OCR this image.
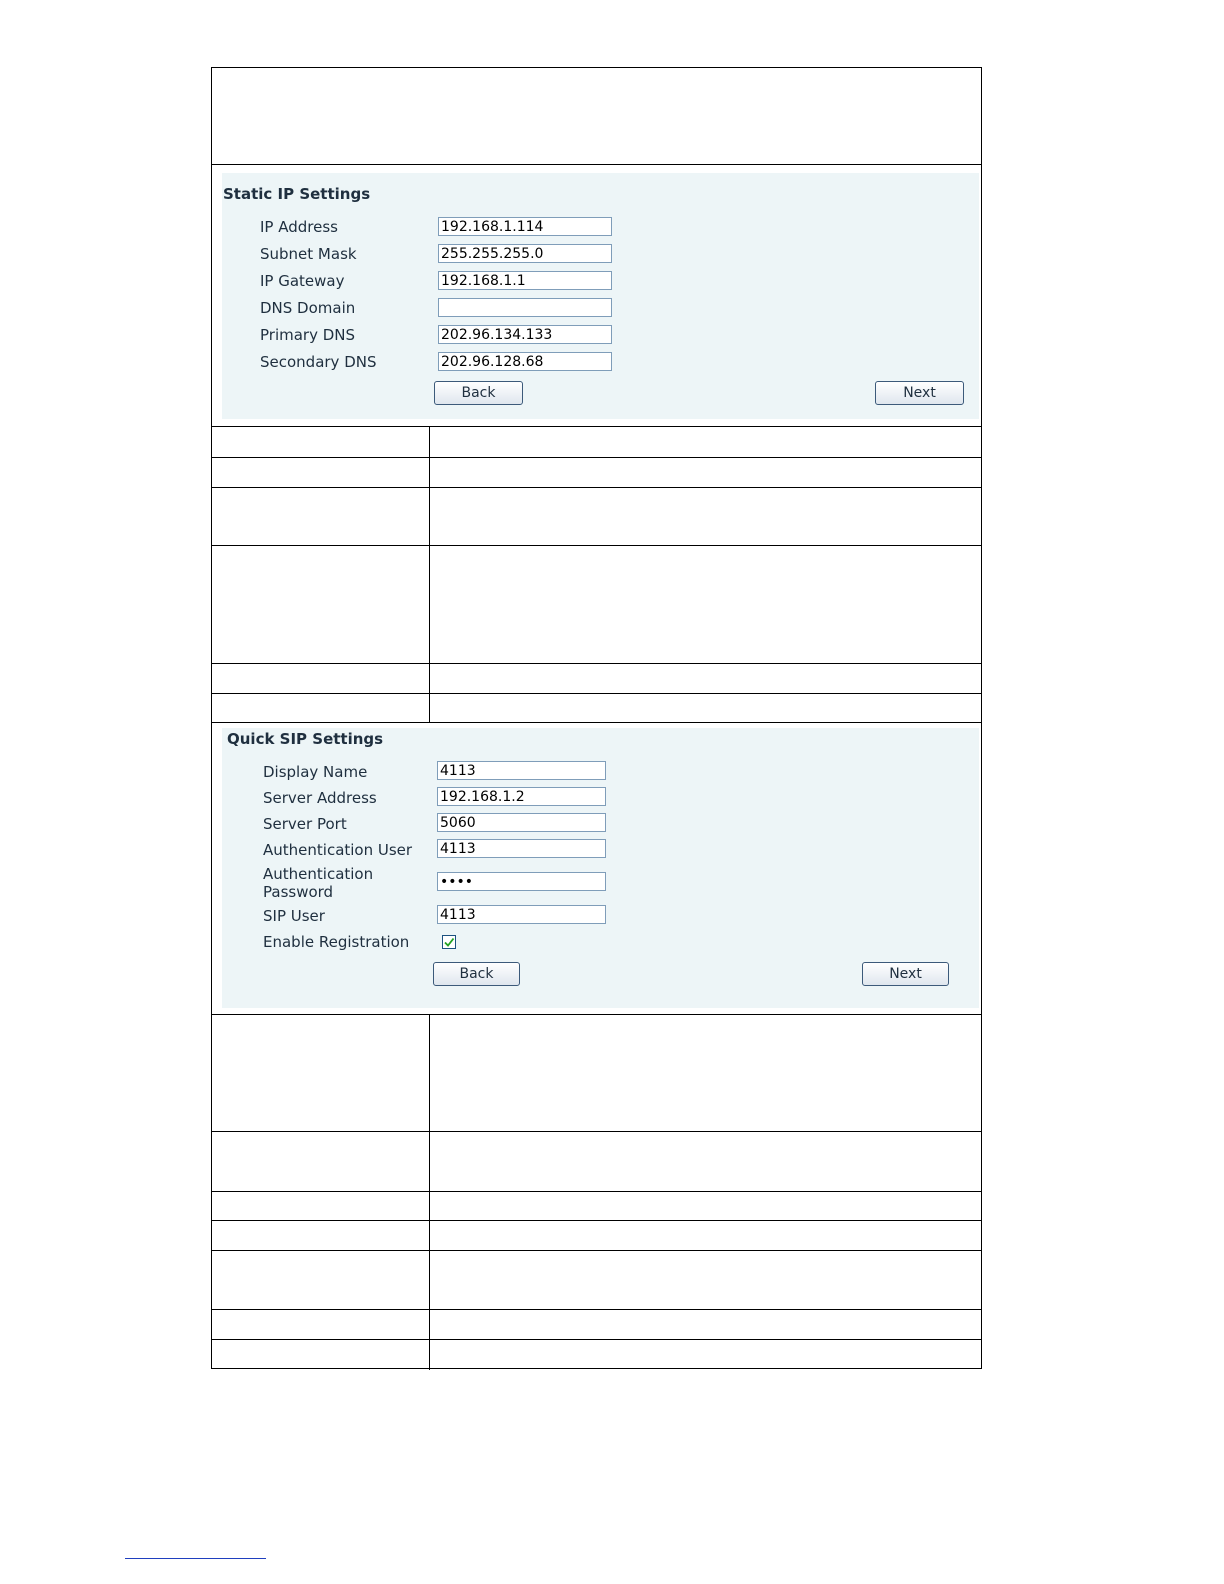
Static IP Settings
IP Address
192.168.1.114
Subnet Mask
255.255.255.0
IP Gateway
192.168.1.1
DNS Domain
Primary DNS
202.96.134.133
Secondary DNS
202.96.128.68
Back	Next
Quick SIP Settings
Display Name
4113
Server Address
192.168.1.2
Server Port
5060
Authentication User
4113
Authentication
Password
SIP User
4113
Enable Registration
Back	Next
